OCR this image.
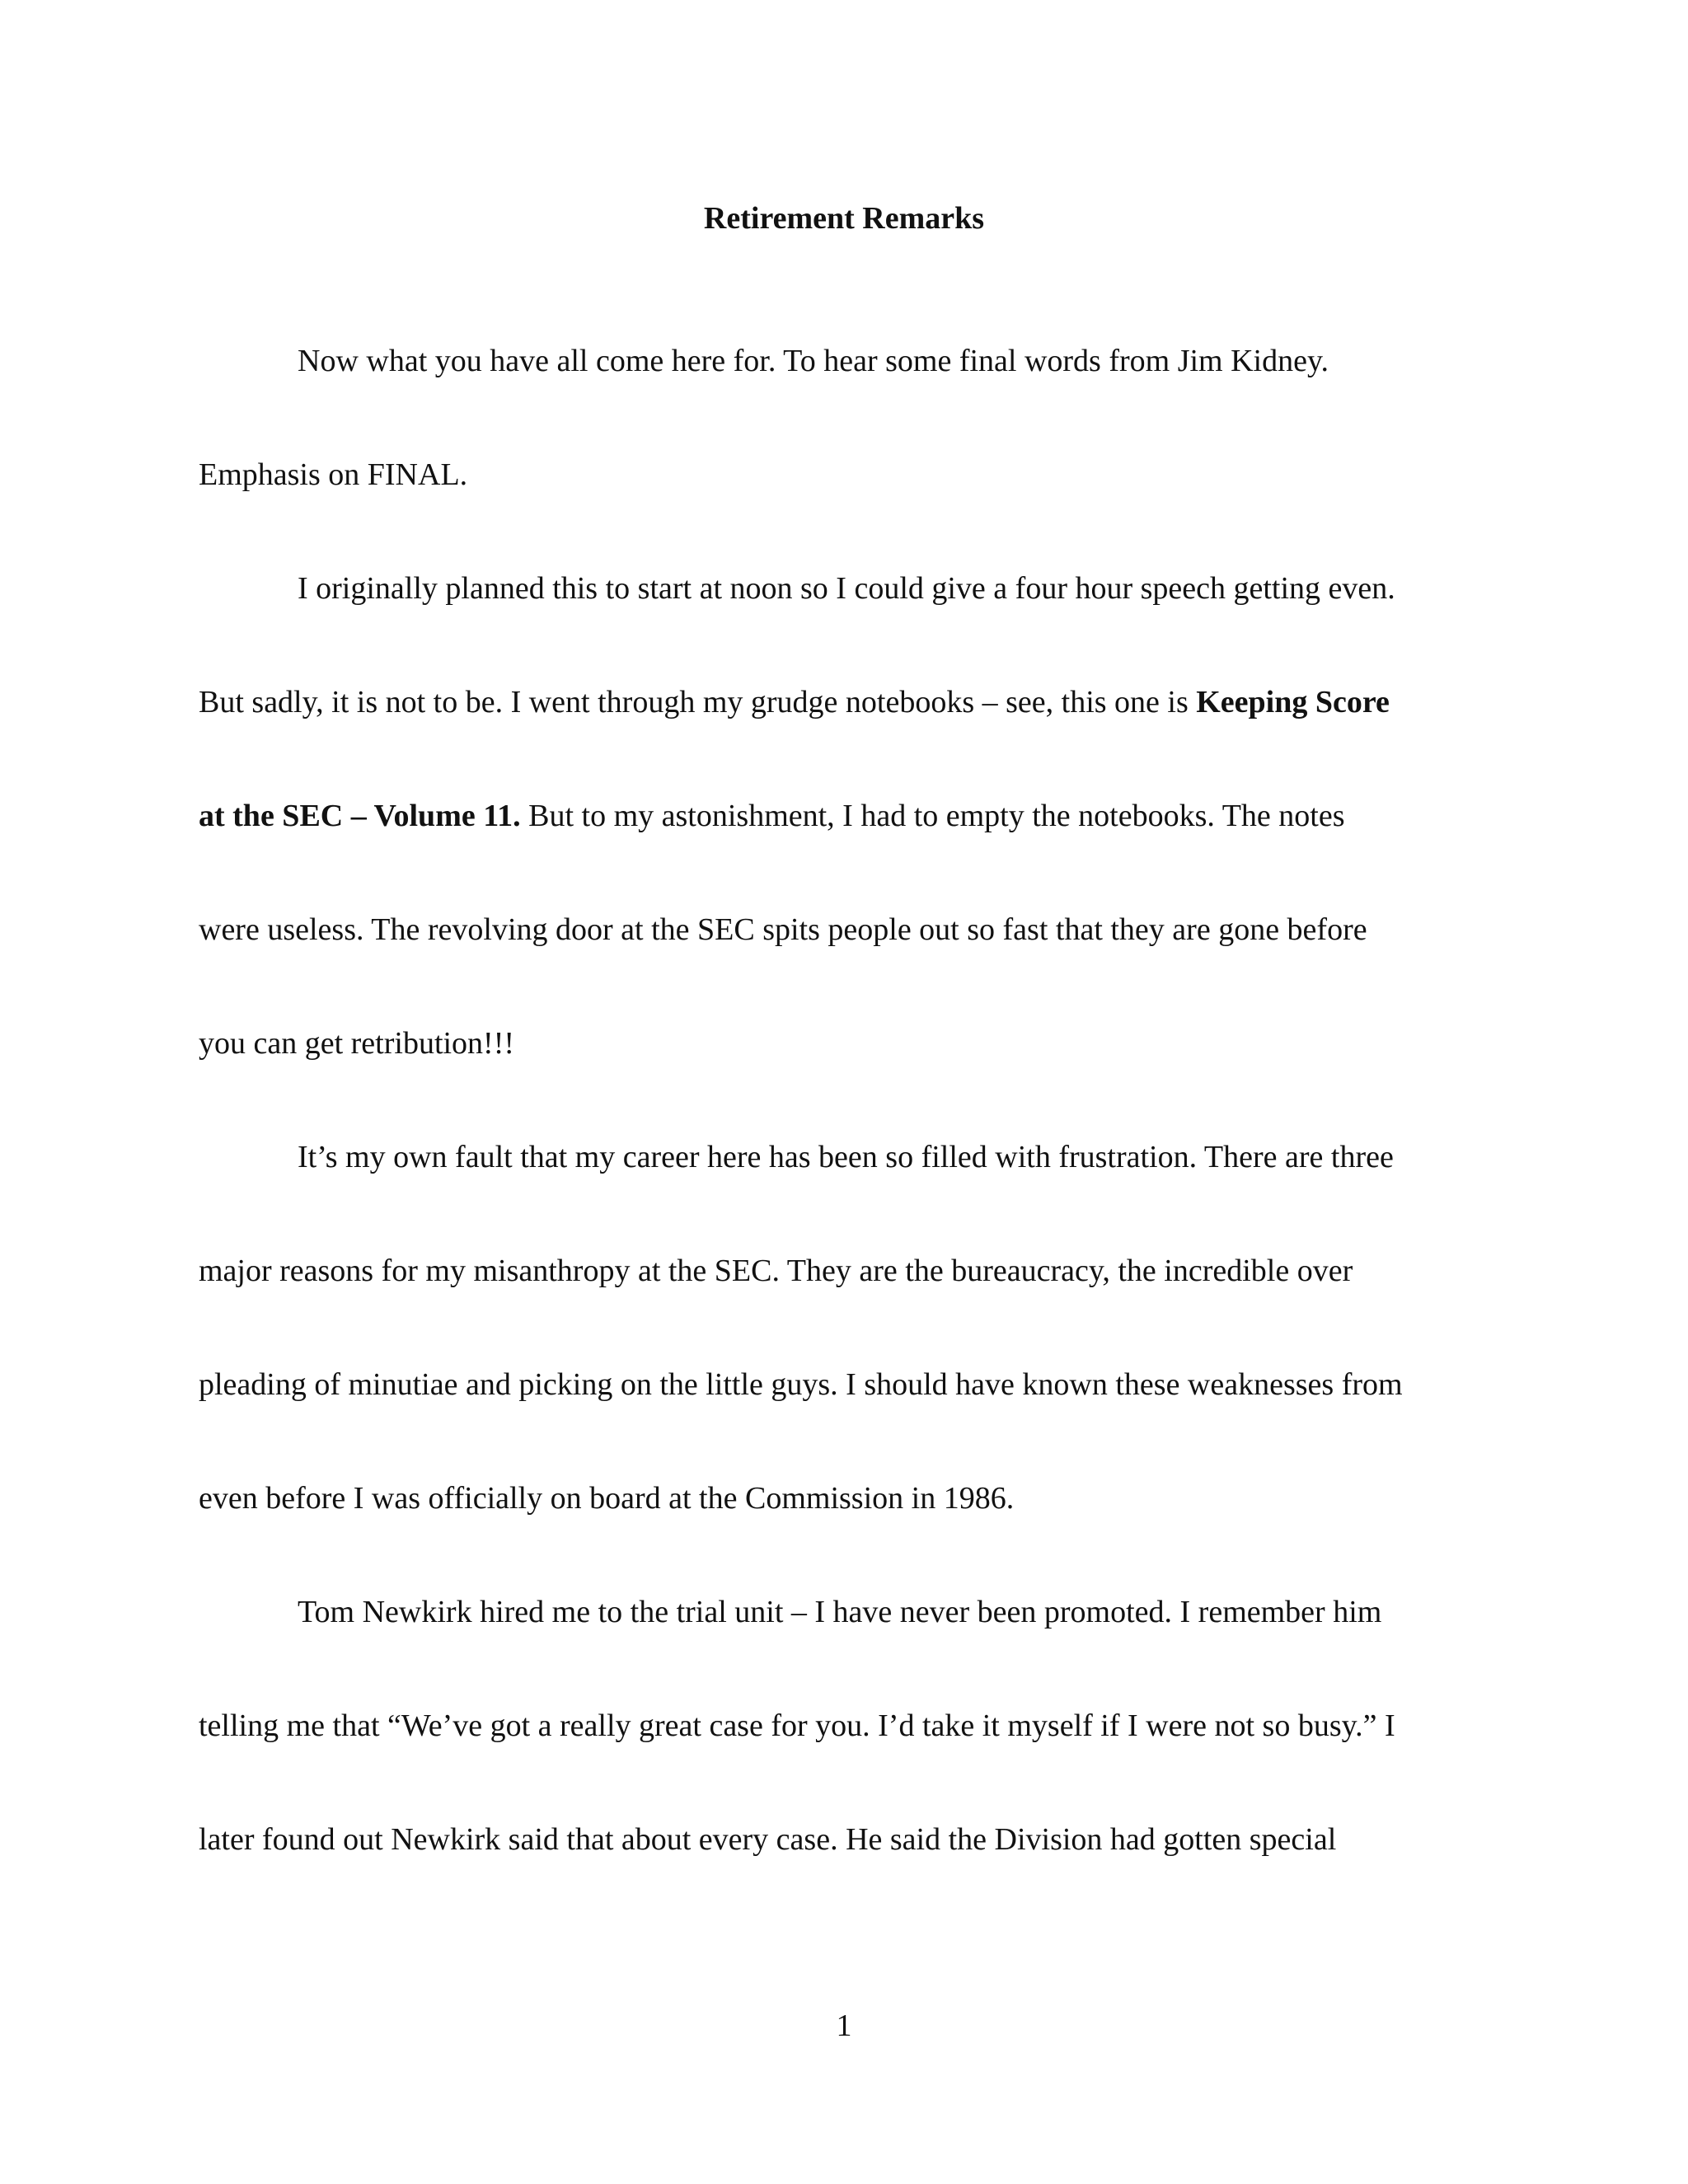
Retirement Remarks
Now what you have all come here for. To hear some final words from Jim Kidney.
Emphasis on FINAL.
I originally planned this to start at noon so I could give a four hour speech getting even.
But sadly, it is not to be. I went through my grudge notebooks – see, this one is Keeping Score
at the SEC – Volume 11. But to my astonishment, I had to empty the notebooks. The notes
were useless. The revolving door at the SEC spits people out so fast that they are gone before
you can get retribution!!!
It’s my own fault that my career here has been so filled with frustration. There are three
major reasons for my misanthropy at the SEC. They are the bureaucracy, the incredible over
pleading of minutiae and picking on the little guys. I should have known these weaknesses from
even before I was officially on board at the Commission in 1986.
Tom Newkirk hired me to the trial unit – I have never been promoted. I remember him
telling me that “We’ve got a really great case for you. I’d take it myself if I were not so busy.” I
later found out Newkirk said that about every case. He said the Division had gotten special
1
